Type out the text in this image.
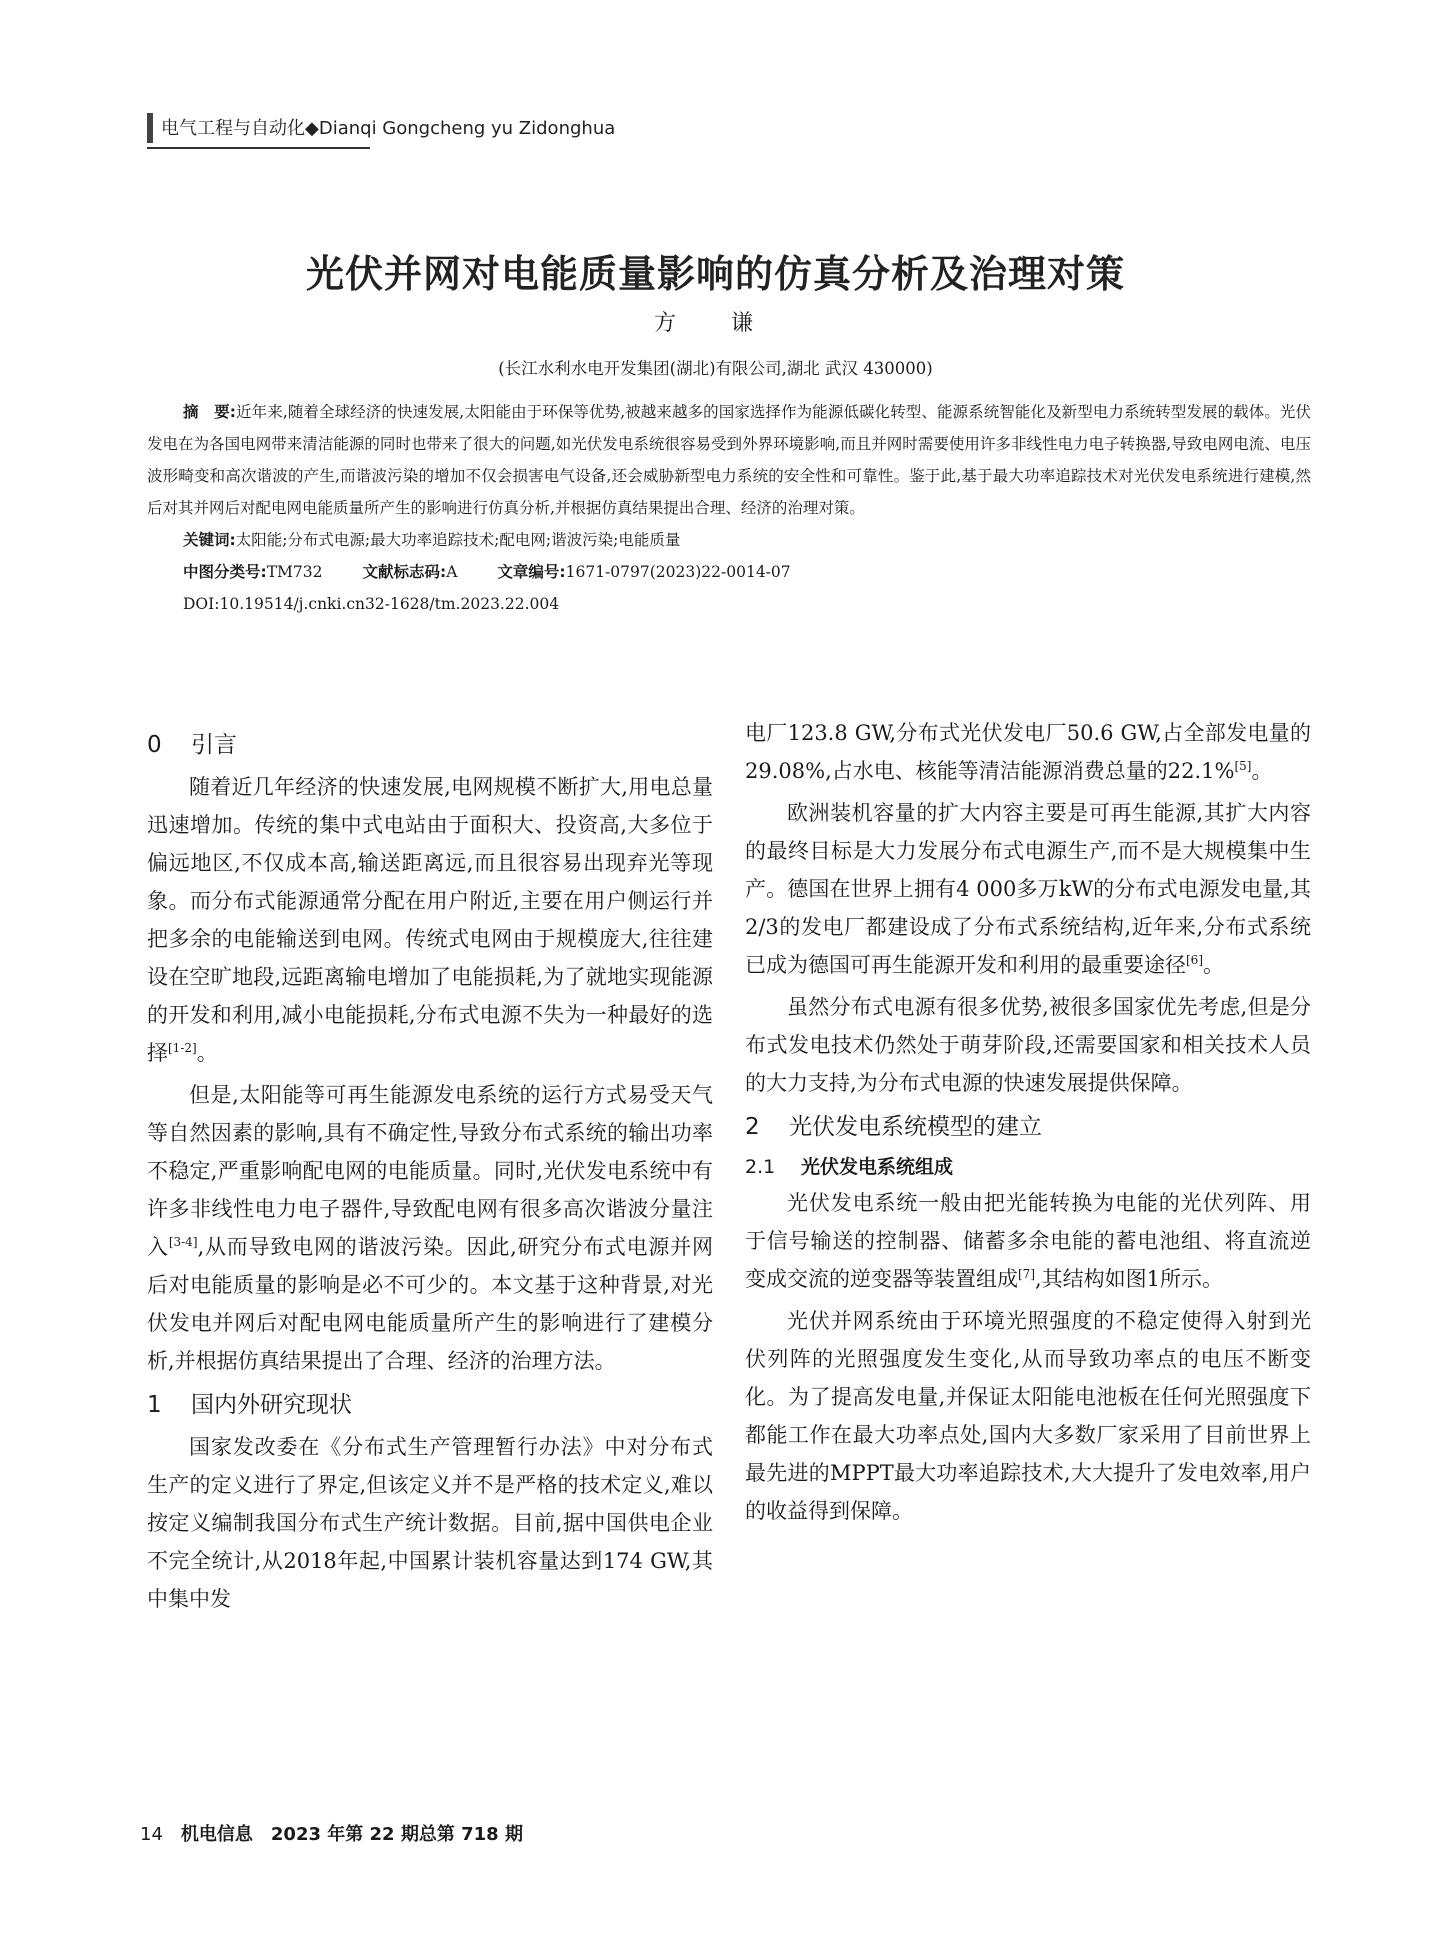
电气工程与自动化◆Dianqi Gongcheng yu Zidonghua
光伏并网对电能质量影响的仿真分析及治理对策
方 谦
(长江水利水电开发集团(湖北)有限公司,湖北 武汉 430000)

摘　要:近年来,随着全球经济的快速发展,太阳能由于环保等优势,被越来越多的国家选择作为能源低碳化转型、能源系统智能化及新型电力系统转型发展的载体。光伏发电在为各国电网带来清洁能源的同时也带来了很大的问题,如光伏发电系统很容易受到外界环境影响,而且并网时需要使用许多非线性电力电子转换器,导致电网电流、电压波形畸变和高次谐波的产生,而谐波污染的增加不仅会损害电气设备,还会威胁新型电力系统的安全性和可靠性。鉴于此,基于最大功率追踪技术对光伏发电系统进行建模,然后对其并网后对配电网电能质量所产生的影响进行仿真分析,并根据仿真结果提出合理、经济的治理对策。

关键词:太阳能;分布式电源;最大功率追踪技术;配电网;谐波污染;电能质量

中图分类号:TM732	文献标志码:A	文章编号:1671-0797(2023)22-0014-07

DOI:10.19514/j.cnki.cn32-1628/tm.2023.22.004

0 引言

随着近几年经济的快速发展,电网规模不断扩大,用电总量迅速增加。传统的集中式电站由于面积大、投资高,大多位于偏远地区,不仅成本高,输送距离远,而且很容易出现弃光等现象。而分布式能源通常分配在用户附近,主要在用户侧运行并把多余的电能输送到电网。传统式电网由于规模庞大,往往建设在空旷地段,远距离输电增加了电能损耗,为了就地实现能源的开发和利用,减小电能损耗,分布式电源不失为一种最好的选择[1-2]。

但是,太阳能等可再生能源发电系统的运行方式易受天气等自然因素的影响,具有不确定性,导致分布式系统的输出功率不稳定,严重影响配电网的电能质量。同时,光伏发电系统中有许多非线性电力电子器件,导致配电网有很多高次谐波分量注入[3-4],从而导致电网的谐波污染。因此,研究分布式电源并网后对电能质量的影响是必不可少的。本文基于这种背景,对光伏发电并网后对配电网电能质量所产生的影响进行了建模分析,并根据仿真结果提出了合理、经济的治理方法。

1 国内外研究现状

国家发改委在《分布式生产管理暂行办法》中对分布式生产的定义进行了界定,但该定义并不是严格的技术定义,难以按定义编制我国分布式生产统计数据。目前,据中国供电企业不完全统计,从2018年起,中国累计装机容量达到174 GW,其中集中发

电厂123.8 GW,分布式光伏发电厂50.6 GW,占全部发电量的29.08%,占水电、核能等清洁能源消费总量的22.1%[5]。

欧洲装机容量的扩大内容主要是可再生能源,其扩大内容的最终目标是大力发展分布式电源生产,而不是大规模集中生产。德国在世界上拥有4 000多万kW的分布式电源发电量,其2/3的发电厂都建设成了分布式系统结构,近年来,分布式系统已成为德国可再生能源开发和利用的最重要途径[6]。

虽然分布式电源有很多优势,被很多国家优先考虑,但是分布式发电技术仍然处于萌芽阶段,还需要国家和相关技术人员的大力支持,为分布式电源的快速发展提供保障。

2 光伏发电系统模型的建立
2.1 光伏发电系统组成

光伏发电系统一般由把光能转换为电能的光伏列阵、用于信号输送的控制器、储蓄多余电能的蓄电池组、将直流逆变成交流的逆变器等装置组成[7],其结构如图1所示。

光伏并网系统由于环境光照强度的不稳定使得入射到光伏列阵的光照强度发生变化,从而导致功率点的电压不断变化。为了提高发电量,并保证太阳能电池板在任何光照强度下都能工作在最大功率点处,国内大多数厂家采用了目前世界上最先进的MPPT最大功率追踪技术,大大提升了发电效率,用户的收益得到保障。

14 机电信息　2023 年第 22 期总第 718 期
